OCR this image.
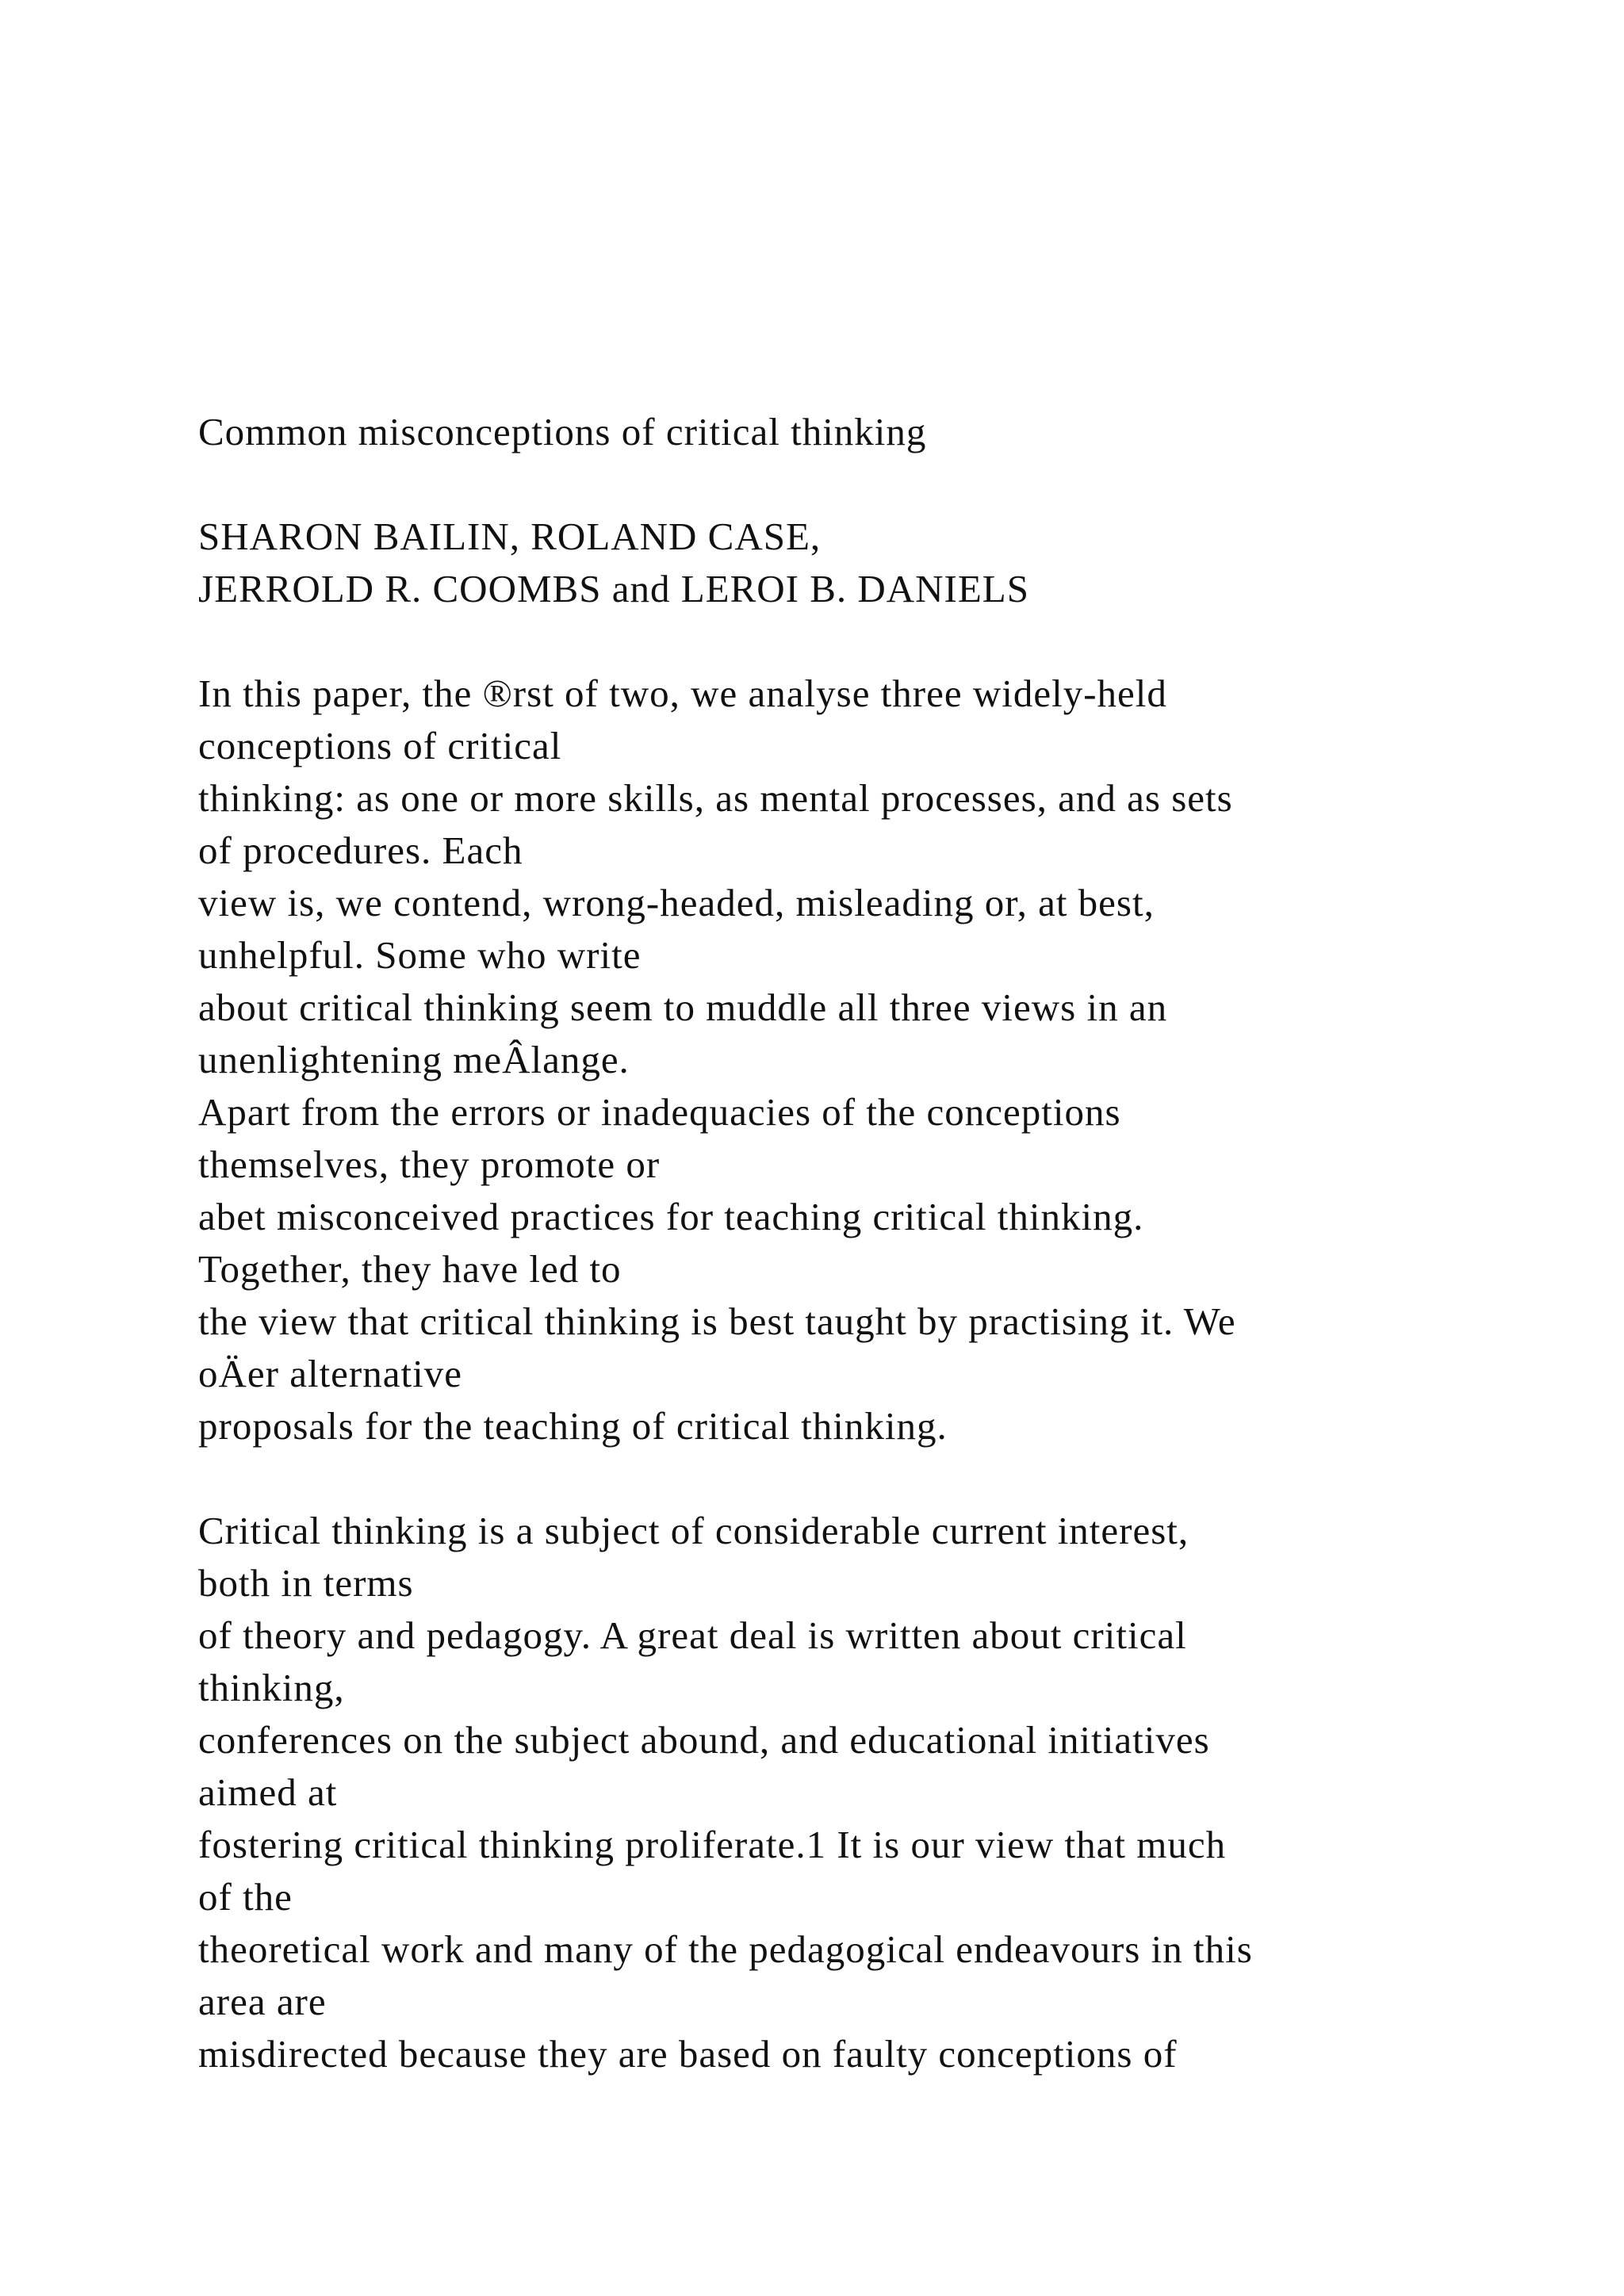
Common misconceptions of critical thinking
SHARON BAILIN, ROLAND CASE,
JERROLD R. COOMBS and LEROI B. DANIELS
In this paper, the ®rst of two, we analyse three widely-held
conceptions of critical
thinking: as one or more skills, as mental processes, and as sets
of procedures. Each
view is, we contend, wrong-headed, misleading or, at best,
unhelpful. Some who write
about critical thinking seem to muddle all three views in an
unenlightening meÂlange.
Apart from the errors or inadequacies of the conceptions
themselves, they promote or
abet misconceived practices for teaching critical thinking.
Together, they have led to
the view that critical thinking is best taught by practising it. We
oÄer alternative
proposals for the teaching of critical thinking.
Critical thinking is a subject of considerable current interest,
both in terms
of theory and pedagogy. A great deal is written about critical
thinking,
conferences on the subject abound, and educational initiatives
aimed at
fostering critical thinking proliferate.1 It is our view that much
of the
theoretical work and many of the pedagogical endeavours in this
area are
misdirected because they are based on faulty conceptions of
